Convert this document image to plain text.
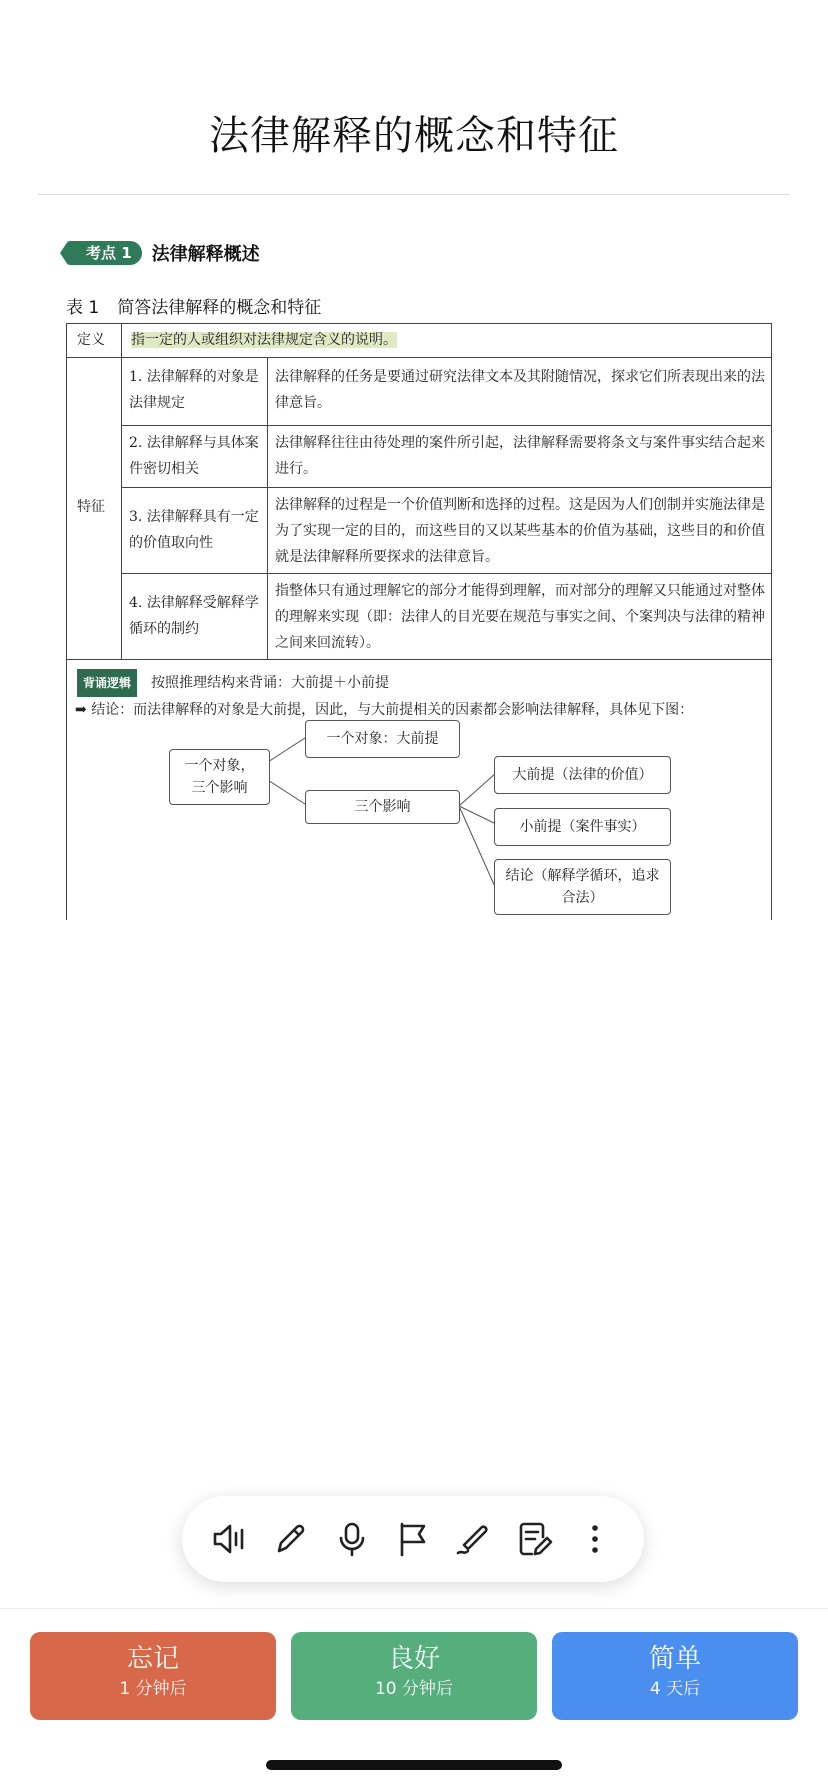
法律解释的概念和特征
考点 1	法律解释概述
表 1 简答法律解释的概念和特征
定义 指一定的人或组织对法律规定含义的说明。
特征
1. 法律解释的对象是法律规定
法律解释的任务是要通过研究法律文本及其附随情况，探求它们所表现出来的法律意旨。
2. 法律解释与具体案件密切相关
法律解释往往由待处理的案件所引起，法律解释需要将条文与案件事实结合起来进行。
3. 法律解释具有一定的价值取向性
法律解释的过程是一个价值判断和选择的过程。这是因为人们创制并实施法律是为了实现一定的目的，而这些目的又以某些基本的价值为基础，这些目的和价值就是法律解释所要探求的法律意旨。
4. 法律解释受解释学循环的制约
指整体只有通过理解它的部分才能得到理解，而对部分的理解又只能通过对整体的理解来实现（即：法律人的目光要在规范与事实之间、个案判决与法律的精神之间来回流转）。
背诵逻辑 按照推理结构来背诵：大前提＋小前提
➡ 结论：而法律解释的对象是大前提，因此，与大前提相关的因素都会影响法律解释，具体见下图：
一个对象，三个影响
一个对象：大前提
三个影响
大前提（法律的价值）
小前提（案件事实）
结论（解释学循环，追求合法）
忘记
1 分钟后
良好
10 分钟后
简单
4 天后
